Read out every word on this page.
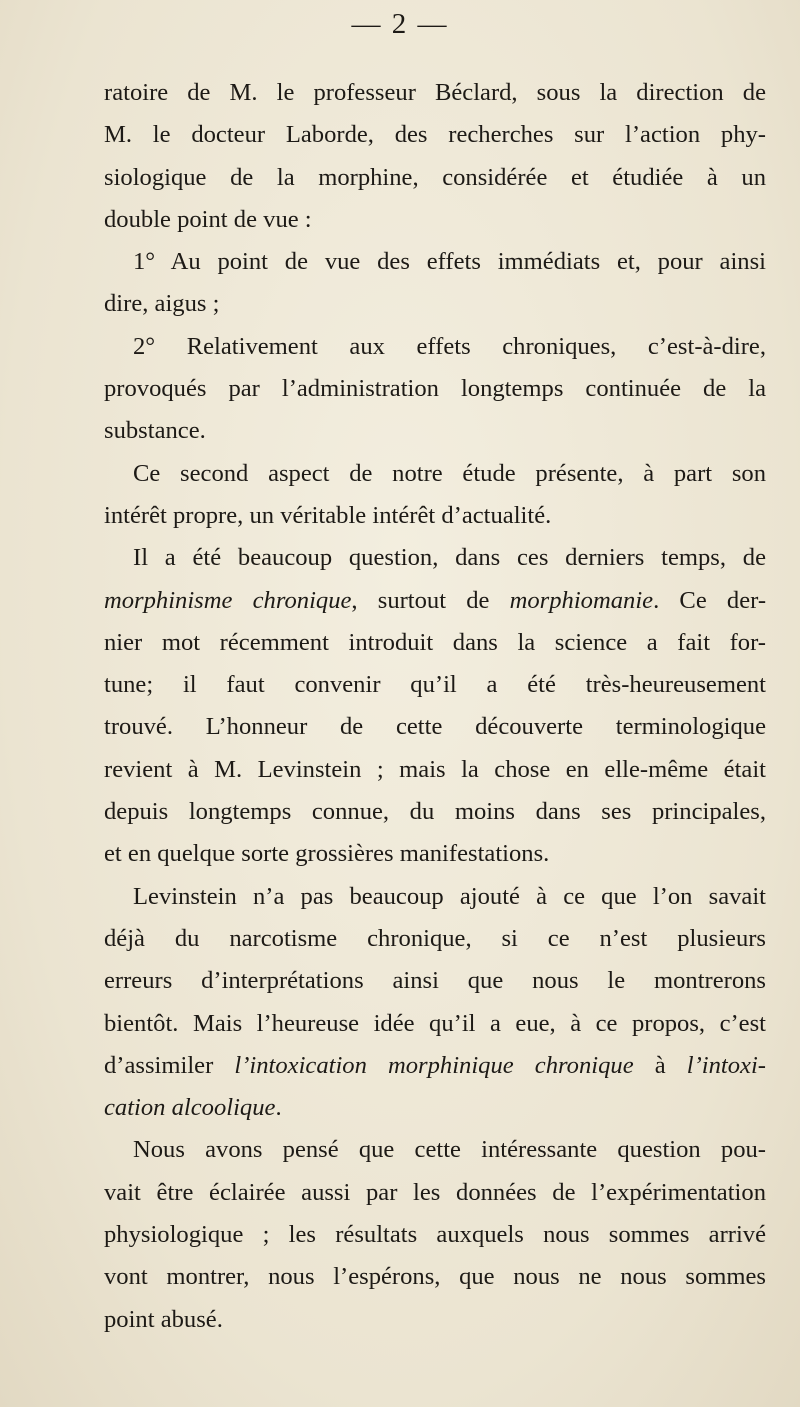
— 2 —
ratoire de M. le professeur Béclard, sous la direction de
M. le docteur Laborde, des recherches sur l’action phy-
siologique de la morphine, considérée et étudiée à un
double point de vue :
1° Au point de vue des effets immédiats et, pour ainsi
dire, aigus ;
2° Relativement aux effets chroniques, c’est-à-dire,
provoqués par l’administration longtemps continuée de la
substance.
Ce second aspect de notre étude présente, à part son
intérêt propre, un véritable intérêt d’actualité.
Il a été beaucoup question, dans ces derniers temps, de
morphinisme chronique, surtout de morphiomanie. Ce der-
nier mot récemment introduit dans la science a fait for-
tune; il faut convenir qu’il a été très-heureusement
trouvé. L’honneur de cette découverte terminologique
revient à M. Levinstein ; mais la chose en elle-même était
depuis longtemps connue, du moins dans ses principales,
et en quelque sorte grossières manifestations.
Levinstein n’a pas beaucoup ajouté à ce que l’on savait
déjà du narcotisme chronique, si ce n’est plusieurs
erreurs d’interprétations ainsi que nous le montrerons
bientôt. Mais l’heureuse idée qu’il a eue, à ce propos, c’est
d’assimiler l’intoxication morphinique chronique à l’intoxi-
cation alcoolique.
Nous avons pensé que cette intéressante question pou-
vait être éclairée aussi par les données de l’expérimentation
physiologique ; les résultats auxquels nous sommes arrivé
vont montrer, nous l’espérons, que nous ne nous sommes
point abusé.
